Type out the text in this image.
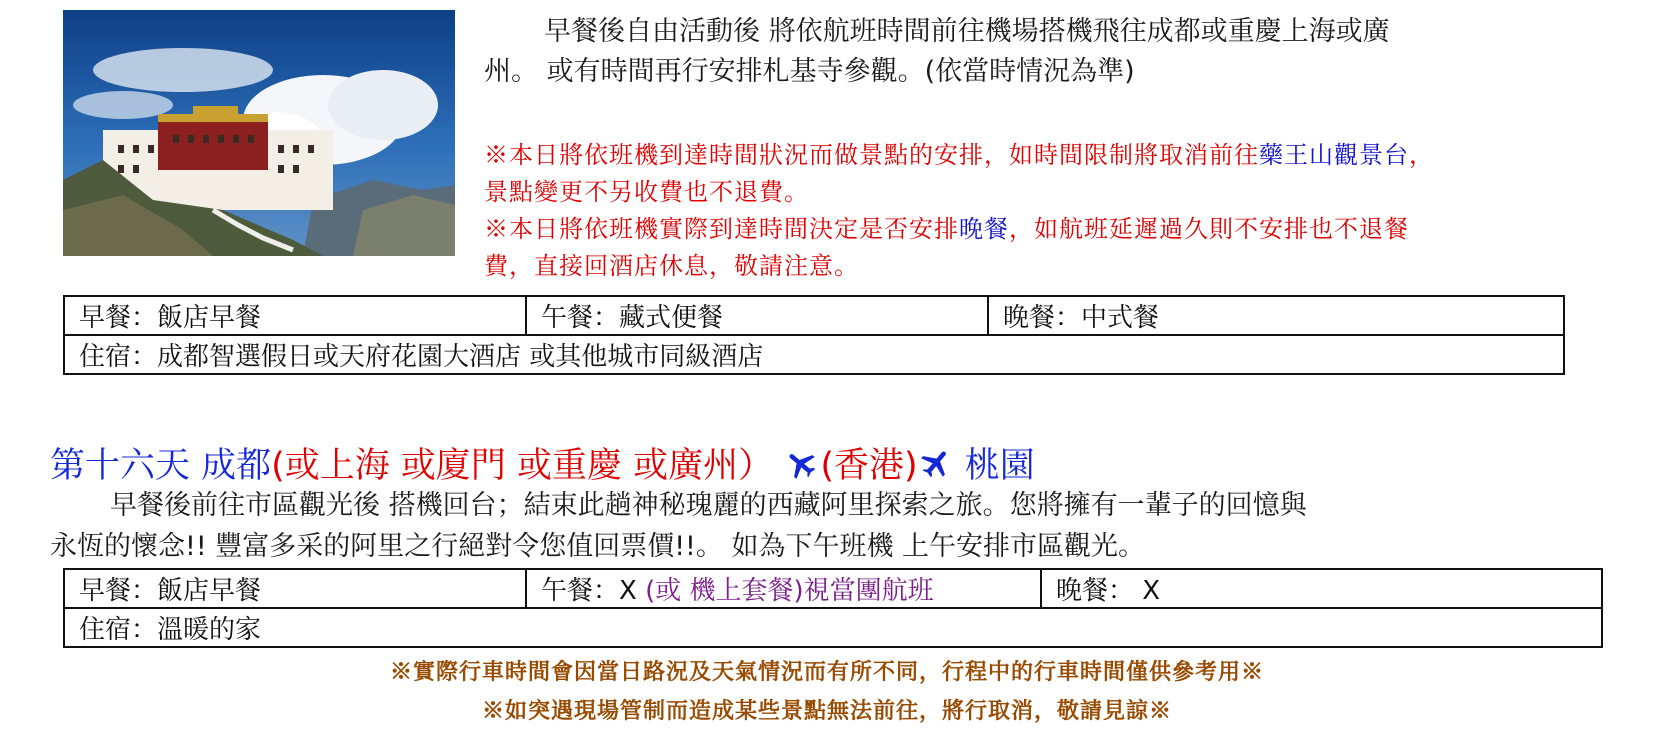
早餐後自由活動後 將依航班時間前往機場搭機飛往成都或重慶上海或廣

州。 或有時間再行安排札基寺參觀。(依當時情況為準)

※本日將依班機到達時間狀況而做景點的安排，如時間限制將取消前往藥王山觀景台，

景點變更不另收費也不退費。

※本日將依班機實際到達時間決定是否安排晚餐，如航班延遲過久則不安排也不退餐

費，直接回酒店休息，敬請注意。

早餐：飯店早餐	午餐：藏式便餐	晚餐：中式餐
住宿：成都智選假日或天府花園大酒店 或其他城市同級酒店
第十六天 成都(或上海 或廈門 或重慶 或廣州） (香港) 桃園

早餐後前往市區觀光後 搭機回台；結束此趟神秘瑰麗的西藏阿里探索之旅。您將擁有一輩子的回憶與

永恆的懷念!! 豐富多采的阿里之行絕對令您值回票價!!。 如為下午班機 上午安排市區觀光。

早餐：飯店早餐	午餐：X (或 機上套餐)視當團航班	晚餐： X
住宿：溫暖的家
※實際行車時間會因當日路況及天氣情況而有所不同，行程中的行車時間僅供參考用※
※如突遇現場管制而造成某些景點無法前往，將行取消，敬請見諒※
